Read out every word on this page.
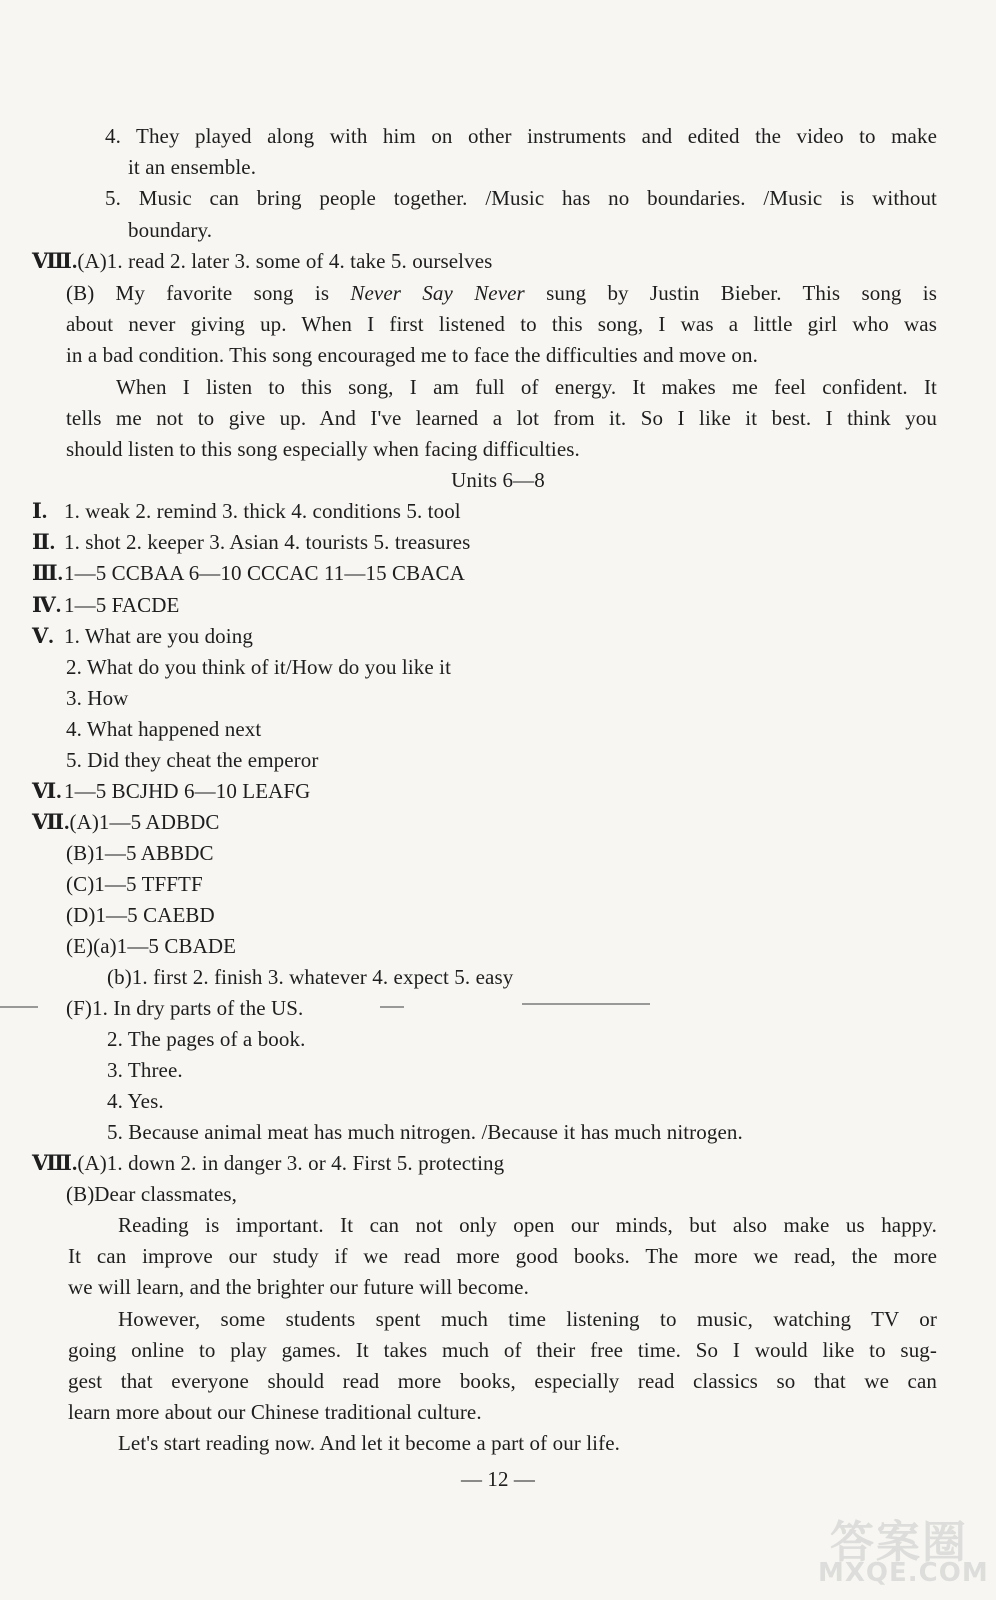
4. They played along with him on other instruments and edited the video to make
it an ensemble.
5. Music can bring people together. /Music has no boundaries. /Music is without
boundary.
Ⅷ.(A)1. read 2. later 3. some of 4. take 5. ourselves
(B) My favorite song is Never Say Never sung by Justin Bieber. This song is
about never giving up. When I first listened to this song, I was a little girl who was
in a bad condition. This song encouraged me to face the difficulties and move on.
When I listen to this song, I am full of energy. It makes me feel confident. It
tells me not to give up. And I've learned a lot from it. So I like it best. I think you
should listen to this song especially when facing difficulties.
Units 6—8
Ⅰ. 1. weak 2. remind 3. thick 4. conditions 5. tool
Ⅱ. 1. shot 2. keeper 3. Asian 4. tourists 5. treasures
Ⅲ.1—5 CCBAA 6—10 CCCAC 11—15 CBACA
Ⅳ. 1—5 FACDE
Ⅴ. 1. What are you doing
2. What do you think of it/How do you like it
3. How
4. What happened next
5. Did they cheat the emperor
Ⅵ. 1—5 BCJHD 6—10 LEAFG
Ⅶ.(A)1—5 ADBDC
(B)1—5 ABBDC
(C)1—5 TFFTF
(D)1—5 CAEBD
(E)(a)1—5 CBADE
(b)1. first 2. finish 3. whatever 4. expect 5. easy
(F)1. In dry parts of the US.
2. The pages of a book.
3. Three.
4. Yes.
5. Because animal meat has much nitrogen. /Because it has much nitrogen.
Ⅷ.(A)1. down 2. in danger 3. or 4. First 5. protecting
(B)Dear classmates,
Reading is important. It can not only open our minds, but also make us happy.
It can improve our study if we read more good books. The more we read, the more
we will learn, and the brighter our future will become.
However, some students spent much time listening to music, watching TV or
going online to play games. It takes much of their free time. So I would like to sug-
gest that everyone should read more books, especially read classics so that we can
learn more about our Chinese traditional culture.
Let's start reading now. And let it become a part of our life.
— 12 —
答案圈
MXQE.COM
